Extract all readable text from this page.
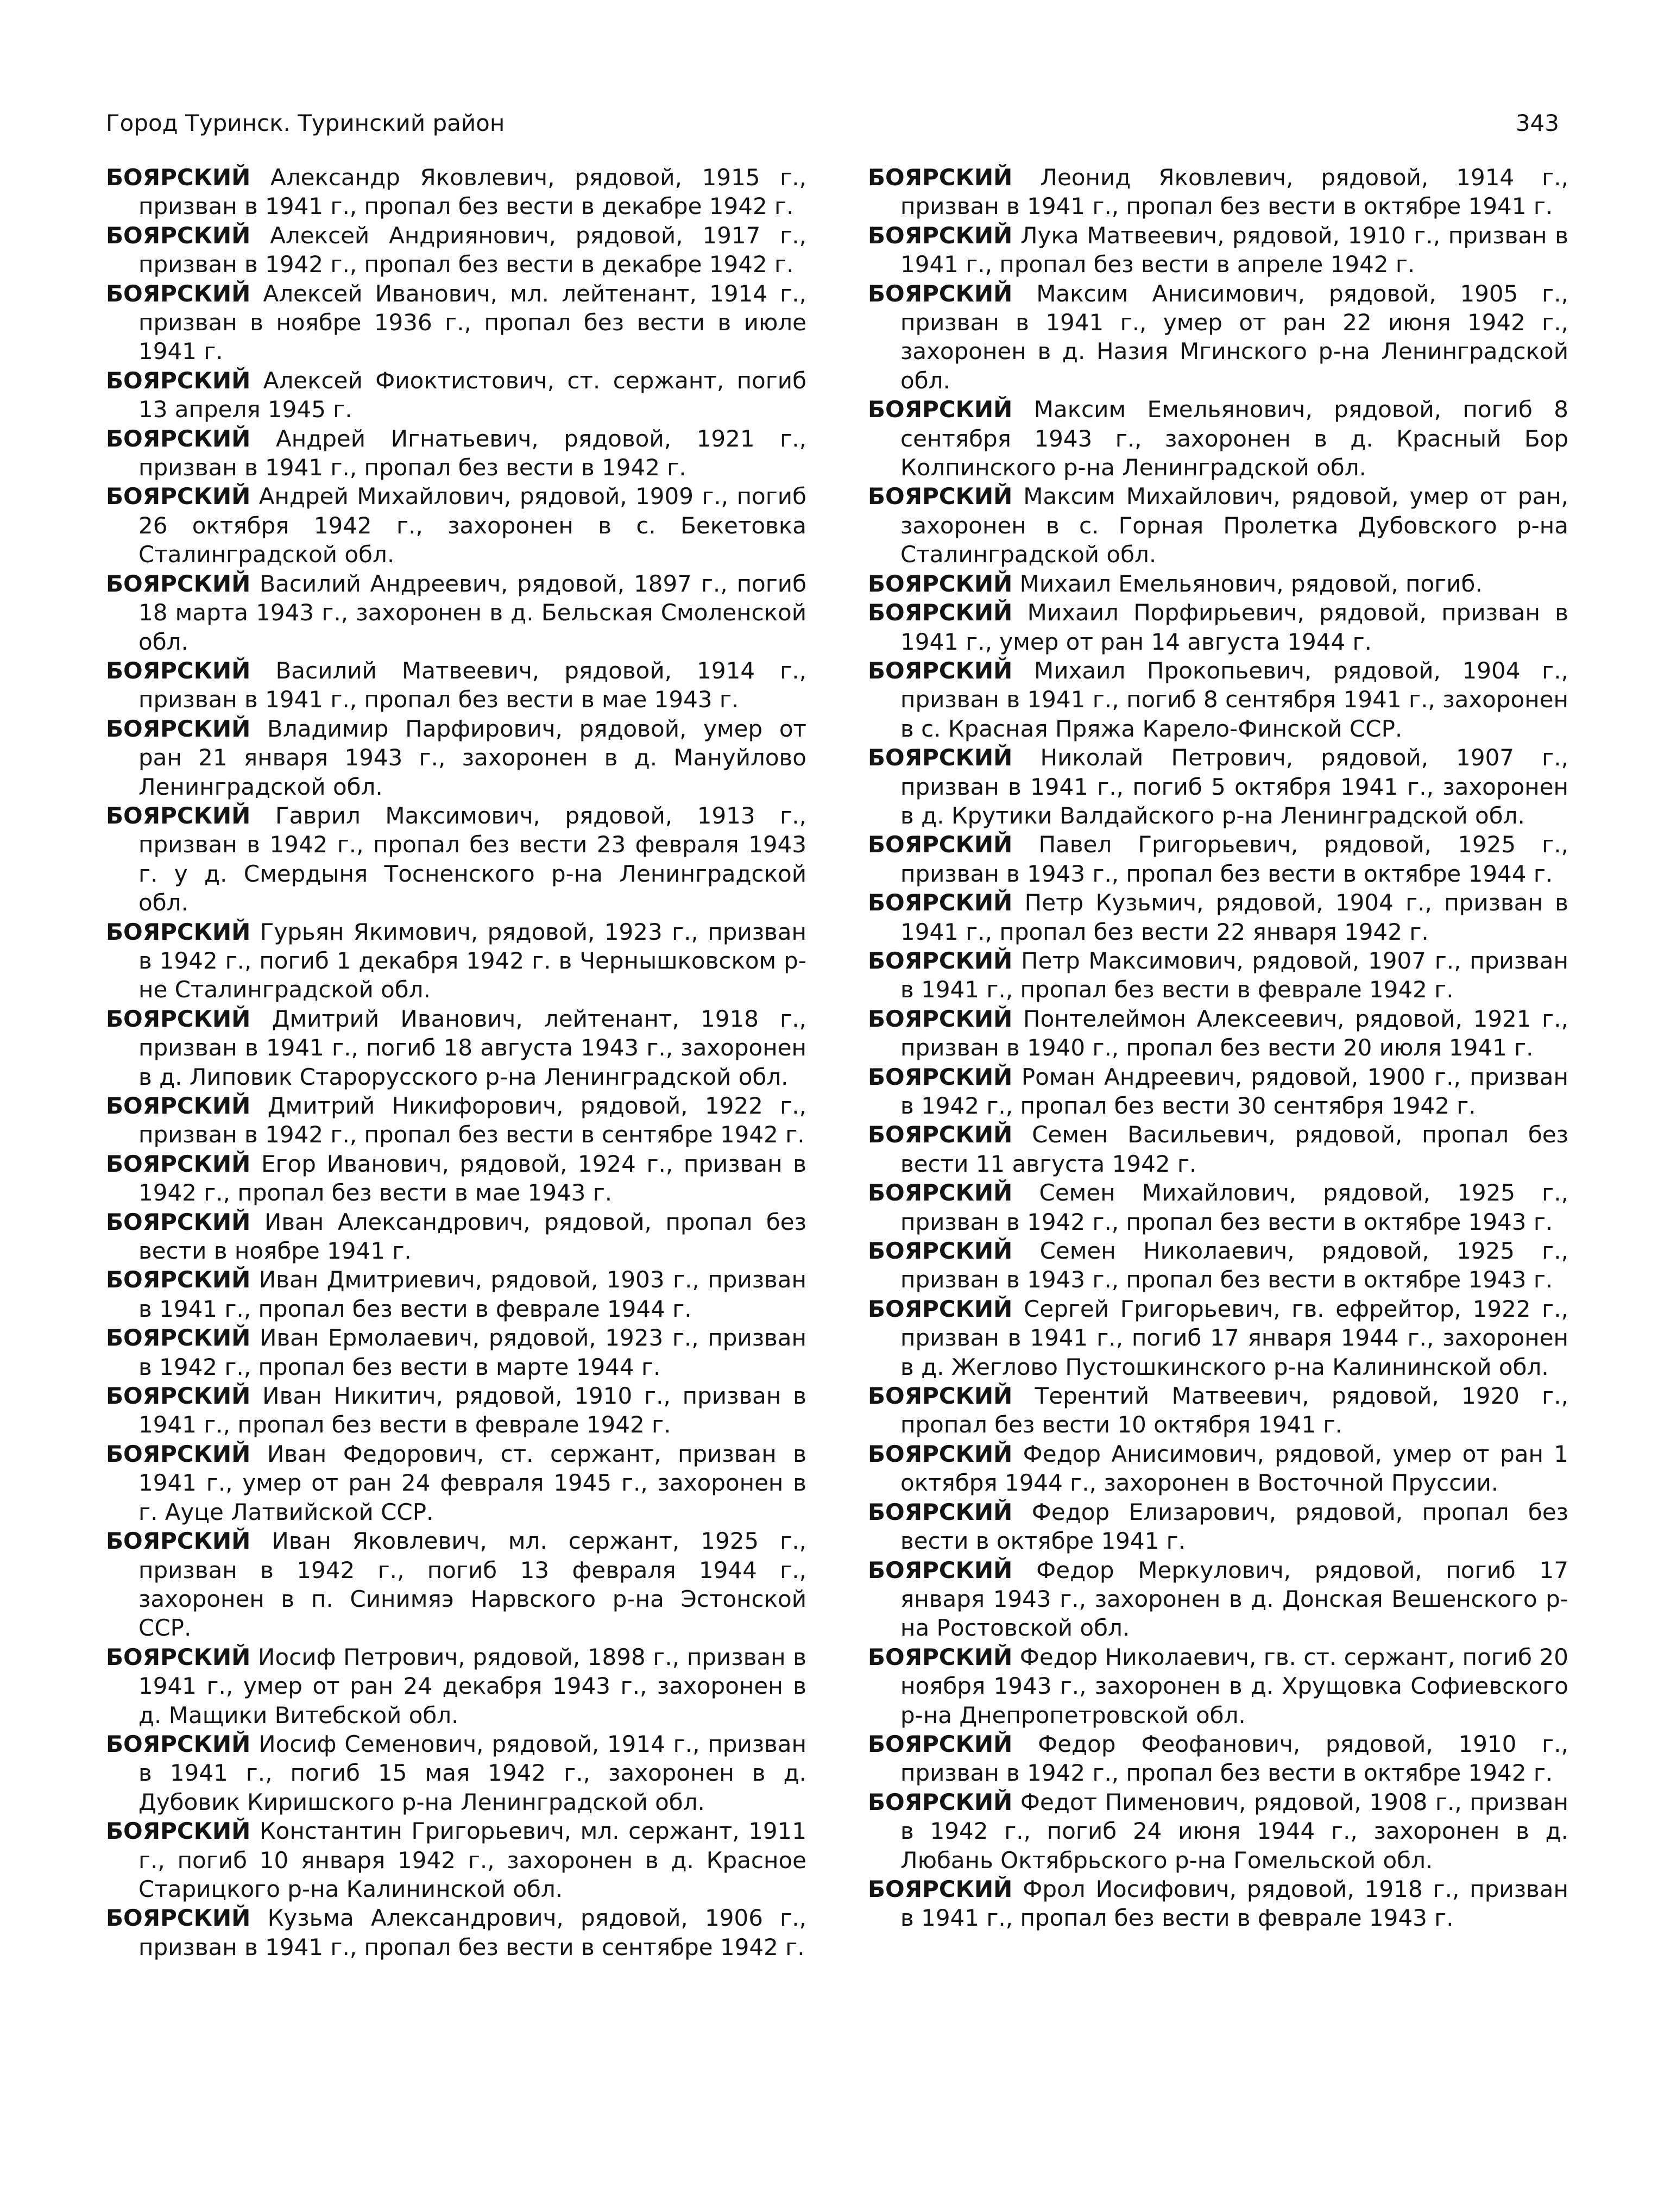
Город Туринск. Туринский район	343

БОЯРСКИЙ Александр Яковлевич, рядовой, 1915 г., призван в 1941 г., пропал без вести в декабре 1942 г.

БОЯРСКИЙ Алексей Андриянович, рядовой, 1917 г., призван в 1942 г., пропал без вести в декабре 1942 г.

БОЯРСКИЙ Алексей Иванович, мл. лейтенант, 1914 г., призван в ноябре 1936 г., пропал без вести в июле 1941 г.

БОЯРСКИЙ Алексей Фиоктистович, ст. сержант, погиб 13 апреля 1945 г.

БОЯРСКИЙ Андрей Игнатьевич, рядовой, 1921 г., призван в 1941 г., пропал без вести в 1942 г.

БОЯРСКИЙ Андрей Михайлович, рядовой, 1909 г., погиб 26 октября 1942 г., захоронен в с. Бекетовка Сталинградской обл.

БОЯРСКИЙ Василий Андреевич, рядовой, 1897 г., погиб 18 марта 1943 г., захоронен в д. Бельская Смоленской обл.

БОЯРСКИЙ Василий Матвеевич, рядовой, 1914 г., призван в 1941 г., пропал без вести в мае 1943 г.

БОЯРСКИЙ Владимир Парфирович, рядовой, умер от ран 21 января 1943 г., захоронен в д. Мануйлово Ленинградской обл.

БОЯРСКИЙ Гаврил Максимович, рядовой, 1913 г., призван в 1942 г., пропал без вести 23 февраля 1943 г. у д. Смердыня Тосненского р-на Ленинградской обл.

БОЯРСКИЙ Гурьян Якимович, рядовой, 1923 г., призван в 1942 г., погиб 1 декабря 1942 г. в Чернышковском р-не Сталинградской обл.

БОЯРСКИЙ Дмитрий Иванович, лейтенант, 1918 г., призван в 1941 г., погиб 18 августа 1943 г., захоронен в д. Липовик Старорусского р-на Ленинградской обл.

БОЯРСКИЙ Дмитрий Никифорович, рядовой, 1922 г., призван в 1942 г., пропал без вести в сентябре 1942 г.

БОЯРСКИЙ Егор Иванович, рядовой, 1924 г., призван в 1942 г., пропал без вести в мае 1943 г.

БОЯРСКИЙ Иван Александрович, рядовой, пропал без вести в ноябре 1941 г.

БОЯРСКИЙ Иван Дмитриевич, рядовой, 1903 г., призван в 1941 г., пропал без вести в феврале 1944 г.

БОЯРСКИЙ Иван Ермолаевич, рядовой, 1923 г., призван в 1942 г., пропал без вести в марте 1944 г.

БОЯРСКИЙ Иван Никитич, рядовой, 1910 г., призван в 1941 г., пропал без вести в феврале 1942 г.

БОЯРСКИЙ Иван Федорович, ст. сержант, призван в 1941 г., умер от ран 24 февраля 1945 г., захоронен в г. Ауце Латвийской ССР.

БОЯРСКИЙ Иван Яковлевич, мл. сержант, 1925 г., призван в 1942 г., погиб 13 февраля 1944 г., захоронен в п. Синимяэ Нарвского р-на Эстонской ССР.

БОЯРСКИЙ Иосиф Петрович, рядовой, 1898 г., призван в 1941 г., умер от ран 24 декабря 1943 г., захоронен в д. Мащики Витебской обл.

БОЯРСКИЙ Иосиф Семенович, рядовой, 1914 г., призван в 1941 г., погиб 15 мая 1942 г., захоронен в д. Дубовик Киришского р-на Ленинградской обл.

БОЯРСКИЙ Константин Григорьевич, мл. сержант, 1911 г., погиб 10 января 1942 г., захоронен в д. Красное Старицкого р-на Калининской обл.

БОЯРСКИЙ Кузьма Александрович, рядовой, 1906 г., призван в 1941 г., пропал без вести в сентябре 1942 г.

БОЯРСКИЙ Леонид Яковлевич, рядовой, 1914 г., призван в 1941 г., пропал без вести в октябре 1941 г.

БОЯРСКИЙ Лука Матвеевич, рядовой, 1910 г., призван в 1941 г., пропал без вести в апреле 1942 г.

БОЯРСКИЙ Максим Анисимович, рядовой, 1905 г., призван в 1941 г., умер от ран 22 июня 1942 г., захоронен в д. Назия Мгинского р-на Ленинградской обл.

БОЯРСКИЙ Максим Емельянович, рядовой, погиб 8 сентября 1943 г., захоронен в д. Красный Бор Колпинского р-на Ленинградской обл.

БОЯРСКИЙ Максим Михайлович, рядовой, умер от ран, захоронен в с. Горная Пролетка Дубовского р-на Сталинградской обл.

БОЯРСКИЙ Михаил Емельянович, рядовой, погиб.

БОЯРСКИЙ Михаил Порфирьевич, рядовой, призван в 1941 г., умер от ран 14 августа 1944 г.

БОЯРСКИЙ Михаил Прокопьевич, рядовой, 1904 г., призван в 1941 г., погиб 8 сентября 1941 г., захоронен в с. Красная Пряжа Карело-Финской ССР.

БОЯРСКИЙ Николай Петрович, рядовой, 1907 г., призван в 1941 г., погиб 5 октября 1941 г., захоронен в д. Крутики Валдайского р-на Ленинградской обл.

БОЯРСКИЙ Павел Григорьевич, рядовой, 1925 г., призван в 1943 г., пропал без вести в октябре 1944 г.

БОЯРСКИЙ Петр Кузьмич, рядовой, 1904 г., призван в 1941 г., пропал без вести 22 января 1942 г.

БОЯРСКИЙ Петр Максимович, рядовой, 1907 г., призван в 1941 г., пропал без вести в феврале 1942 г.

БОЯРСКИЙ Понтелеймон Алексеевич, рядовой, 1921 г., призван в 1940 г., пропал без вести 20 июля 1941 г.

БОЯРСКИЙ Роман Андреевич, рядовой, 1900 г., призван в 1942 г., пропал без вести 30 сентября 1942 г.

БОЯРСКИЙ Семен Васильевич, рядовой, пропал без вести 11 августа 1942 г.

БОЯРСКИЙ Семен Михайлович, рядовой, 1925 г., призван в 1942 г., пропал без вести в октябре 1943 г.

БОЯРСКИЙ Семен Николаевич, рядовой, 1925 г., призван в 1943 г., пропал без вести в октябре 1943 г.

БОЯРСКИЙ Сергей Григорьевич, гв. ефрейтор, 1922 г., призван в 1941 г., погиб 17 января 1944 г., захоронен в д. Жеглово Пустошкинского р-на Калининской обл.

БОЯРСКИЙ Терентий Матвеевич, рядовой, 1920 г., пропал без вести 10 октября 1941 г.

БОЯРСКИЙ Федор Анисимович, рядовой, умер от ран 1 октября 1944 г., захоронен в Восточной Пруссии.

БОЯРСКИЙ Федор Елизарович, рядовой, пропал без вести в октябре 1941 г.

БОЯРСКИЙ Федор Меркулович, рядовой, погиб 17 января 1943 г., захоронен в д. Донская Вешенского р-на Ростовской обл.

БОЯРСКИЙ Федор Николаевич, гв. ст. сержант, погиб 20 ноября 1943 г., захоронен в д. Хрущовка Софиевского р-на Днепропетровской обл.

БОЯРСКИЙ Федор Феофанович, рядовой, 1910 г., призван в 1942 г., пропал без вести в октябре 1942 г.

БОЯРСКИЙ Федот Пименович, рядовой, 1908 г., призван в 1942 г., погиб 24 июня 1944 г., захоронен в д. Любань Октябрьского р-на Гомельской обл.

БОЯРСКИЙ Фрол Иосифович, рядовой, 1918 г., призван в 1941 г., пропал без вести в феврале 1943 г.
